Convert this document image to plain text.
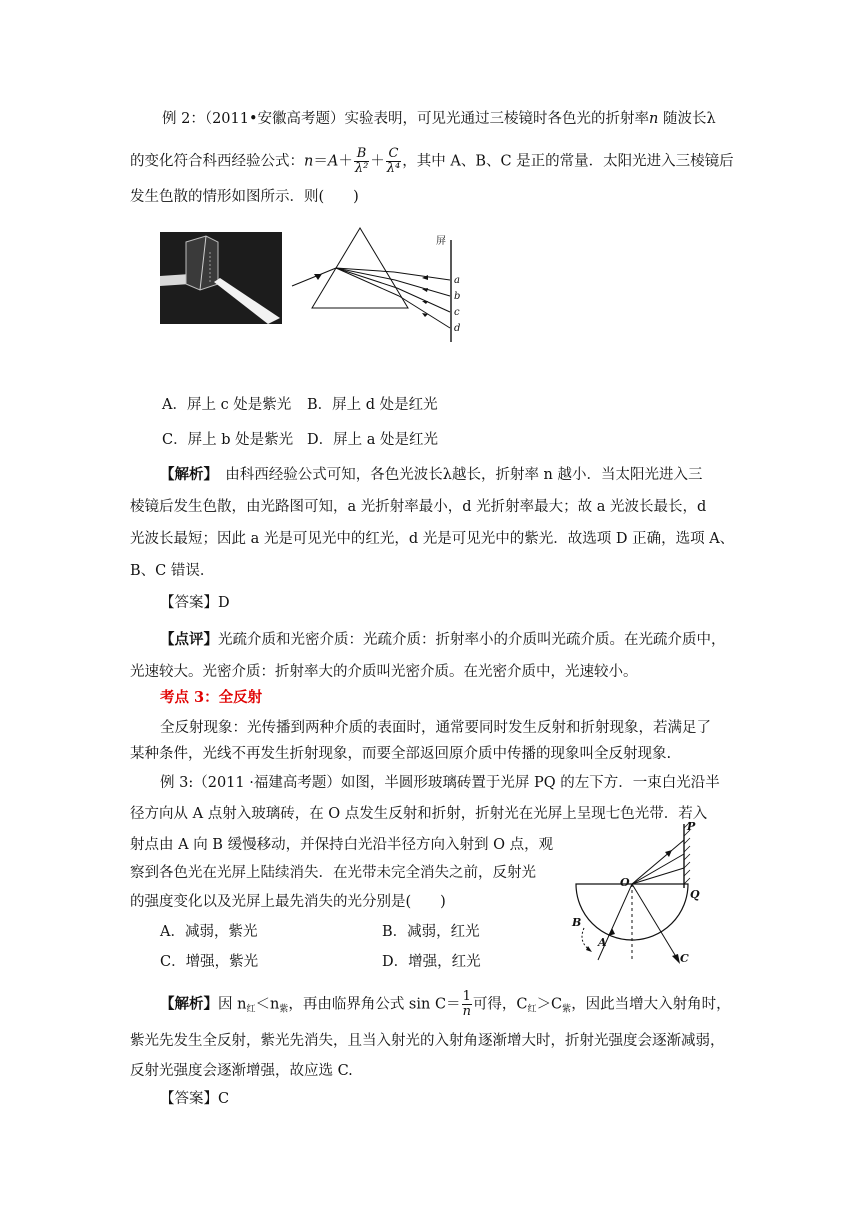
例 2：（2011•安徽高考题）实验表明，可见光通过三棱镜时各色光的折射率n 随波长λ
的变化符合科西经验公式：$n=A+ \frac{B}{\text{λ²}} + \frac{C}{\text{λ⁴}}$ ，其中 A、B、C 是正的常量．太阳光进入三棱镜后
发生色散的情形如图所示．则(　　)
屏
a
b
c
d
A．屏上 c 处是紫光 B．屏上 d 处是红光
C．屏上 b 处是紫光 D．屏上 a 处是红光
【解析】　由科西经验公式可知，各色光波长λ越长，折射率 n 越小．当太阳光进入三
棱镜后发生色散，由光路图可知，a 光折射率最小，d 光折射率最大；故 a 光波长最长，d
光波长最短；因此 a 光是可见光中的红光，d 光是可见光中的紫光．故选项 D 正确，选项 A、
B、C 错误．
【答案】D
【点评】光疏介质和光密介质：光疏介质：折射率小的介质叫光疏介质。在光疏介质中，
光速较大。光密介质：折射率大的介质叫光密介质。在光密介质中，光速较小。
考点 3：全反射
全反射现象：光传播到两种介质的表面时，通常要同时发生反射和折射现象，若满足了
某种条件，光线不再发生折射现象，而要全部返回原介质中传播的现象叫全反射现象.
例 3:（2011 ·福建高考题）如图，半圆形玻璃砖置于光屏 PQ 的左下方．一束白光沿半
径方向从 A 点射入玻璃砖，在 O 点发生反射和折射，折射光在光屏上呈现七色光带．若入
射点由 A 向 B 缓慢移动，并保持白光沿半径方向入射到 O 点，观
察到各色光在光屏上陆续消失．在光带未完全消失之前，反射光
的强度变化以及光屏上最先消失的光分别是(　　)
A．减弱，紫光	B．减弱，红光
C．增强，紫光	D．增强，红光
P
Q
O
B
A
C
【解析】因 $n_红<n_紫$，再由临界角公式 $\sin C= \frac{1}{n}$ 可得，$C_红>C_紫$，因此当增大入射角时，
紫光先发生全反射，紫光先消失，且当入射光的入射角逐渐增大时，折射光强度会逐渐减弱，
反射光强度会逐渐增强，故应选 C.
【答案】C
